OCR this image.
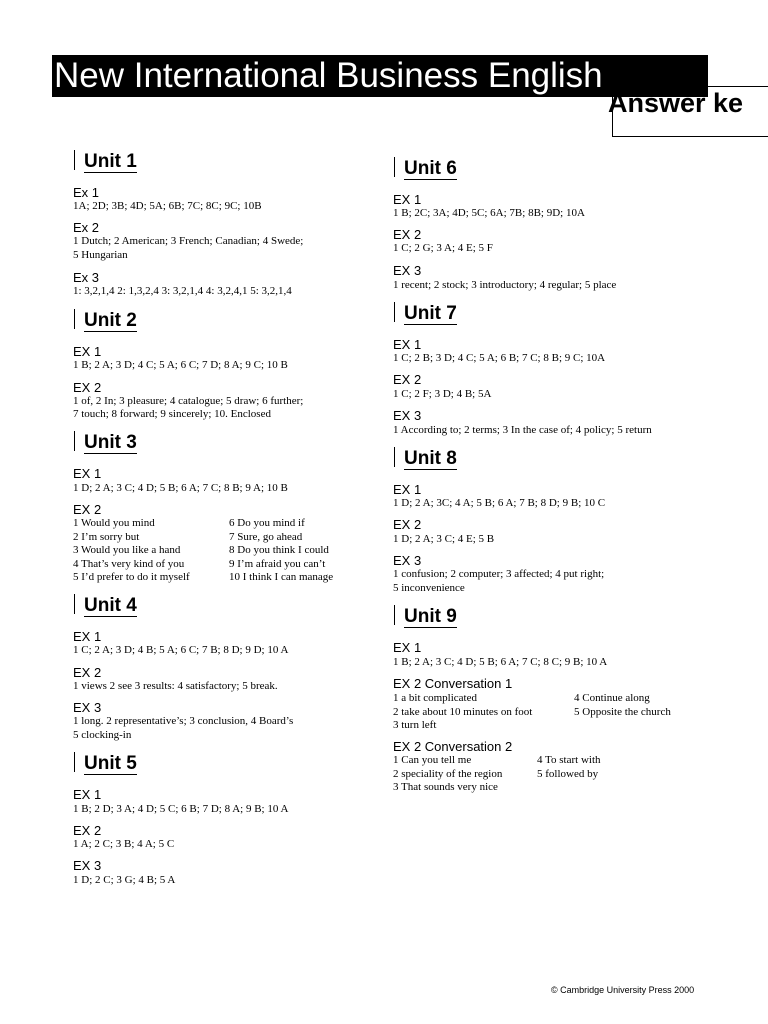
New International Business English
Answer ke
Unit 1
Ex 1
1A; 2D; 3B; 4D; 5A; 6B; 7C; 8C; 9C; 10B
Ex 2
1 Dutch; 2 American; 3 French; Canadian; 4 Swede;
5 Hungarian
Ex 3
1: 3,2,1,4 2: 1,3,2,4 3: 3,2,1,4 4: 3,2,4,1 5: 3,2,1,4
Unit 2
EX 1
1 B; 2 A; 3 D; 4 C; 5 A; 6 C; 7 D; 8 A; 9 C; 10 B
EX 2
1 of, 2 In; 3 pleasure; 4 catalogue; 5 draw; 6 further;
7 touch; 8 forward; 9 sincerely; 10. Enclosed
Unit 3
EX 1
1 D; 2 A; 3 C; 4 D; 5 B; 6 A; 7 C; 8 B; 9 A; 10 B
EX 2
1 Would you mind
2 I’m sorry but
3 Would you like a hand
4 That’s very kind of you
5 I’d prefer to do it myself
6 Do you mind if
7 Sure, go ahead
8 Do you think I could
9 I’m afraid you can’t
10 I think I can manage
Unit 4
EX 1
1 C; 2 A; 3 D; 4 B; 5 A; 6 C; 7 B; 8 D; 9 D; 10 A
EX 2
1 views 2 see 3 results: 4 satisfactory; 5 break.
EX 3
1 long. 2 representative’s; 3 conclusion, 4 Board’s
5 clocking-in
Unit 5
EX 1
1 B; 2 D; 3 A; 4 D; 5 C; 6 B; 7 D; 8 A; 9 B; 10 A
EX 2
1 A; 2 C; 3 B; 4 A; 5 C
EX 3
1 D; 2 C; 3 G; 4 B; 5 A
Unit 6
EX 1
1 B; 2C; 3A; 4D; 5C; 6A; 7B; 8B; 9D; 10A
EX 2
1 C; 2 G; 3 A; 4 E; 5 F
EX 3
1 recent; 2 stock; 3 introductory; 4 regular; 5 place
Unit 7
EX 1
1 C; 2 B; 3 D; 4 C; 5 A; 6 B; 7 C; 8 B; 9 C; 10A
EX 2
1 C; 2 F; 3 D; 4 B; 5A
EX 3
1 According to; 2 terms; 3 In the case of; 4 policy; 5 return
Unit 8
EX 1
1 D; 2 A; 3C; 4 A; 5 B; 6 A; 7 B; 8 D; 9 B; 10 C
EX 2
1 D; 2 A; 3 C; 4 E; 5 B
EX 3
1 confusion; 2 computer; 3 affected; 4 put right;
5 inconvenience
Unit 9
EX 1
1 B; 2 A; 3 C; 4 D; 5 B; 6 A; 7 C; 8 C; 9 B; 10 A
EX 2 Conversation 1
1 a bit complicated
2 take about 10 minutes on foot
3 turn left
4 Continue along
5 Opposite the church
EX 2 Conversation 2
1 Can you tell me
2 speciality of the region
3 That sounds very nice
4 To start with
5 followed by
© Cambridge University Press 2000
